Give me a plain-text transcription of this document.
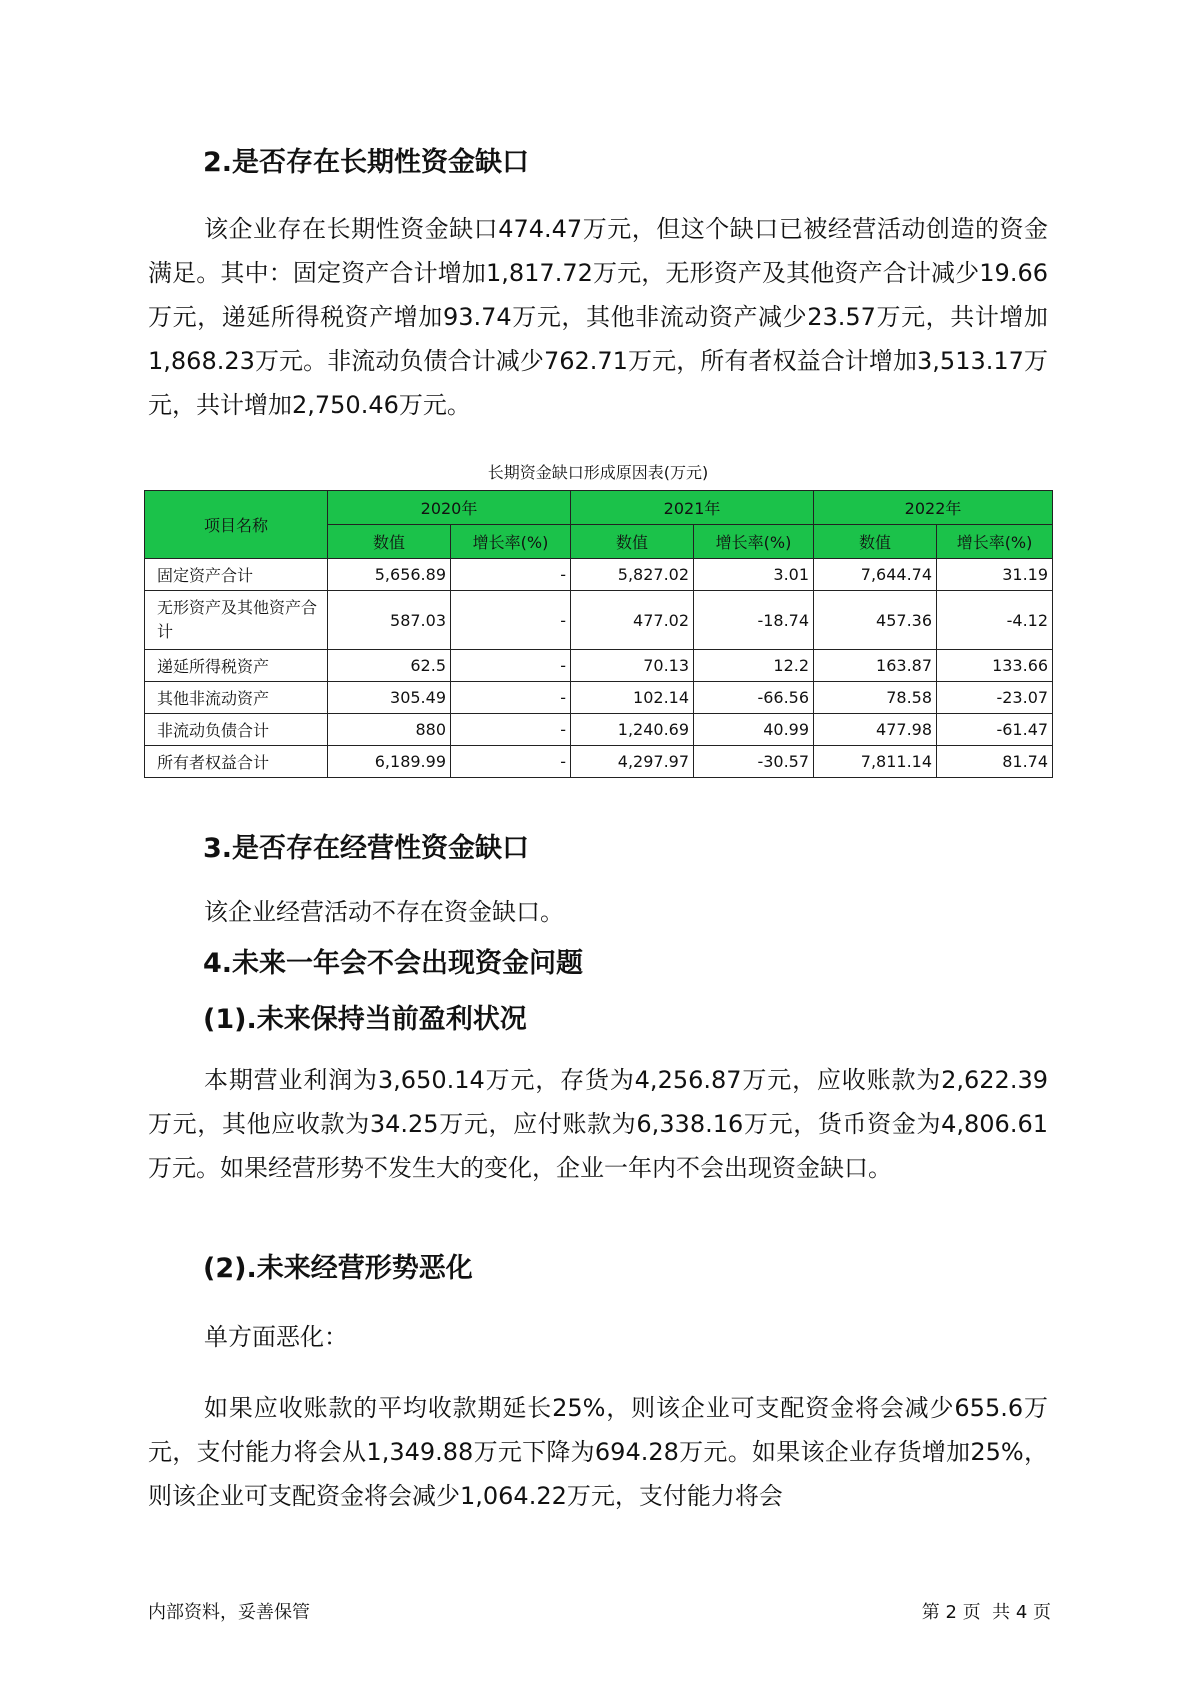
2.是否存在长期性资金缺口

该企业存在长期性资金缺口474.47万元，但这个缺口已被经营活动创造的资金满足。其中：固定资产合计增加1,817.72万元，无形资产及其他资产合计减少19.66万元，递延所得税资产增加93.74万元，其他非流动资产减少23.57万元，共计增加1,868.23万元。非流动负债合计减少762.71万元，所有者权益合计增加3,513.17万元，共计增加2,750.46万元。

长期资金缺口形成原因表(万元)
项目名称	2020年		2021年		2022年	
	数值	增长率(%)	数值	增长率(%)	数值	增长率(%)
固定资产合计	5,656.89	-	5,827.02	3.01	7,644.74	31.19
无形资产及其他资产合计	587.03	-	477.02	-18.74	457.36	-4.12
递延所得税资产	62.5	-	70.13	12.2	163.87	133.66
其他非流动资产	305.49	-	102.14	-66.56	78.58	-23.07
非流动负债合计	880	-	1,240.69	40.99	477.98	-61.47
所有者权益合计	6,189.99	-	4,297.97	-30.57	7,811.14	81.74
3.是否存在经营性资金缺口

该企业经营活动不存在资金缺口。

4.未来一年会不会出现资金问题
(1).未来保持当前盈利状况

本期营业利润为3,650.14万元，存货为4,256.87万元，应收账款为2,622.39万元，其他应收款为34.25万元，应付账款为6,338.16万元，货币资金为4,806.61万元。如果经营形势不发生大的变化，企业一年内不会出现资金缺口。

(2).未来经营形势恶化

单方面恶化：

如果应收账款的平均收款期延长25%，则该企业可支配资金将会减少655.6万元，支付能力将会从1,349.88万元下降为694.28万元。如果该企业存货增加25%，则该企业可支配资金将会减少1,064.22万元，支付能力将会

内部资料，妥善保管	第 2 页  共 4 页
